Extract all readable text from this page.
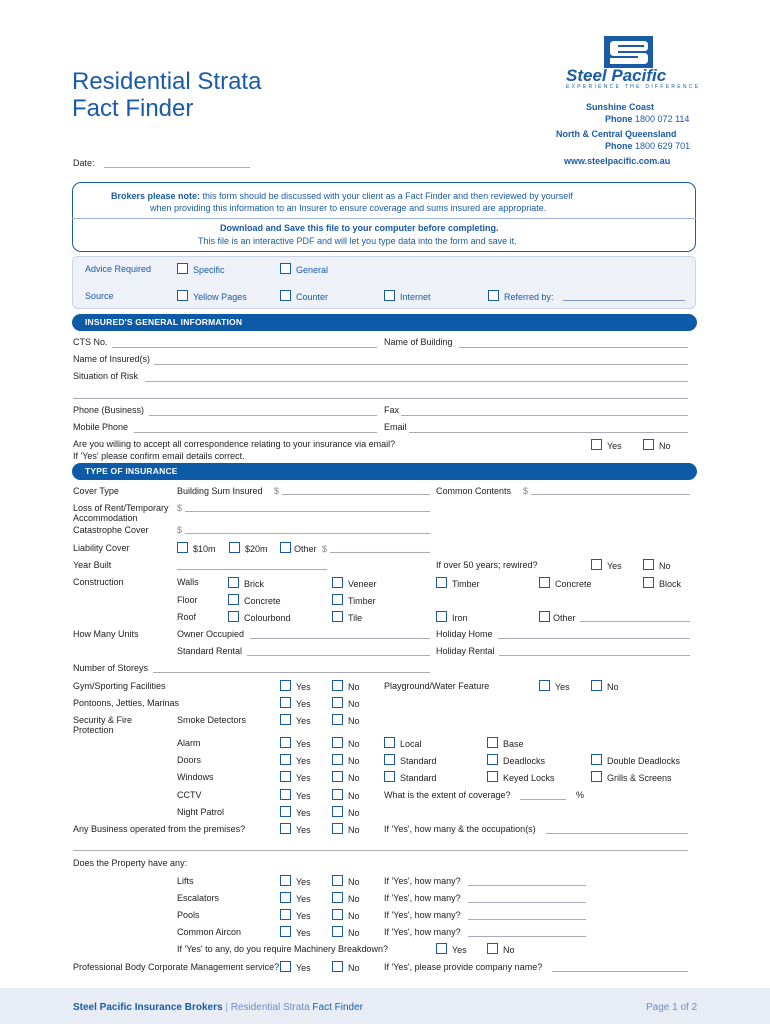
Residential Strata
Fact Finder
Date:
Steel Pacific
EXPERIENCE THE DIFFERENCE
Sunshine Coast
Phone 1800 072 114
North & Central Queensland
Phone 1800 629 701
www.steelpacific.com.au
Brokers please note: this form should be discussed with your client as a Fact Finder and then reviewed by yourself
when providing this information to an Insurer to ensure coverage and sums insured are appropriate.
Download and Save this file to your computer before completing.
This file is an interactive PDF and will let you type data into the form and save it.
Advice Required	Specific	General
Source	Yellow Pages	Counter	Internet	Referred by:
INSURED'S GENERAL INFORMATION
CTS No.	Name of Building
Name of Insured(s)
Situation of Risk
Phone (Business)	Fax
Mobile Phone	Email
Are you willing to accept all correspondence relating to your insurance via email?
If 'Yes' please confirm email details correct.
Yes	No
TYPE OF INSURANCE
Cover Type	Building Sum Insured $	Common Contents $
Loss of Rent/Temporary
Accommodation
$
Catastrophe Cover	$
Liability Cover	$10m	$20m	Other $
Year Built	If over 50 years; rewired?	Yes	No
Construction	Walls	Brick	Veneer	Timber	Concrete	Block
Floor	Concrete	Timber
Roof	Colourbond	Tile	Iron	Other
How Many Units	Owner Occupied	Holiday Home
Standard Rental	Holiday Rental
Number of Storeys
Gym/Sporting Facilities	Yes	No	Playground/Water Feature	Yes	No
Pontoons, Jetties, Marinas	Yes	No
Security & Fire
Protection
Smoke Detectors	Yes	No
Alarm	Yes	No	Local	Base
Doors	Yes	No	Standard	Deadlocks	Double Deadlocks
Windows	Yes	No	Standard	Keyed Locks	Grills & Screens
CCTV	Yes	No	What is the extent of coverage?	%
Night Patrol	Yes	No
Any Business operated from the premises?	Yes	No	If 'Yes', how many & the occupation(s)
Does the Property have any:
Lifts	Yes	No	If 'Yes', how many?
Escalators	Yes	No	If 'Yes', how many?
Pools	Yes	No	If 'Yes', how many?
Common Aircon	Yes	No	If 'Yes', how many?
If 'Yes' to any, do you require Machinery Breakdown?	Yes	No
Professional Body Corporate Management service? Yes	No	If 'Yes', please provide company name?
Steel Pacific Insurance Brokers | Residential Strata Fact Finder	Page 1 of 2
